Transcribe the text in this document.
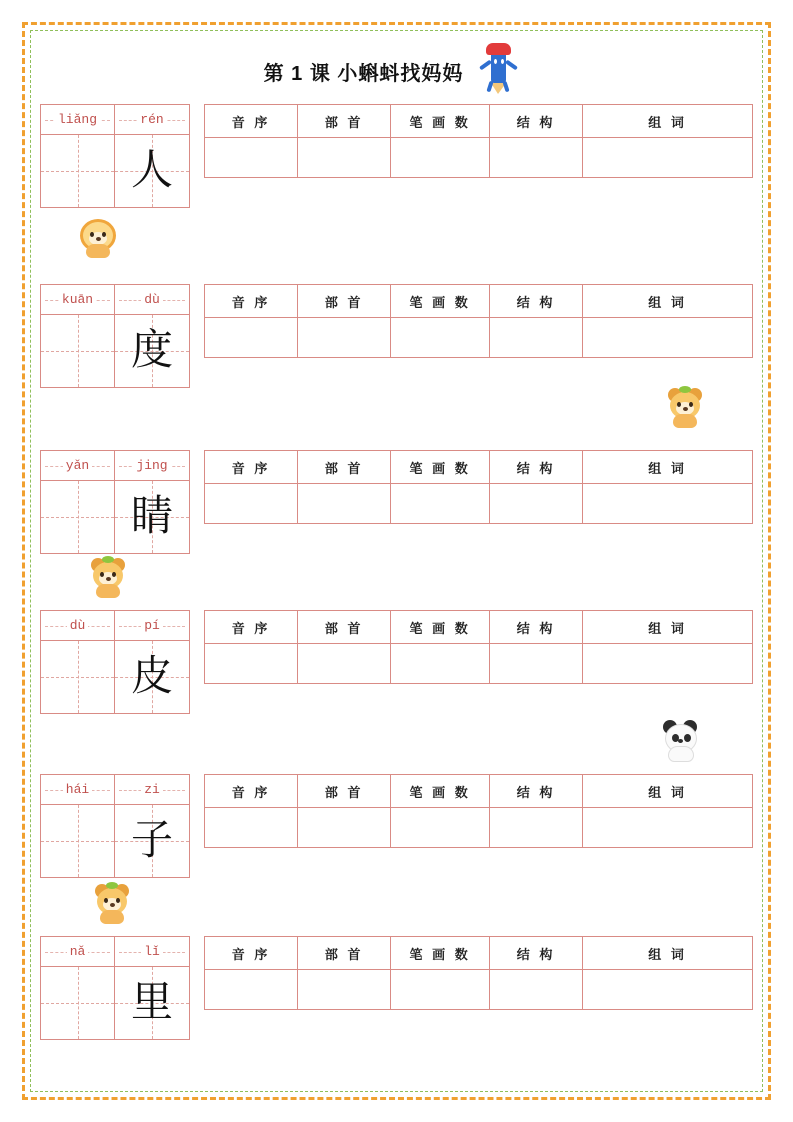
第 1 课 小蝌蚪找妈妈
liǎng	rén
人
音 序	部 首	笔 画 数	结 构	组 词

kuān	dù
度
音 序	部 首	笔 画 数	结 构	组 词

yǎn	jing
睛
音 序	部 首	笔 画 数	结 构	组 词

dù	pí
皮
音 序	部 首	笔 画 数	结 构	组 词

hái	zi
子
音 序	部 首	笔 画 数	结 构	组 词

nǎ	lǐ
里
音 序	部 首	笔 画 数	结 构	组 词
